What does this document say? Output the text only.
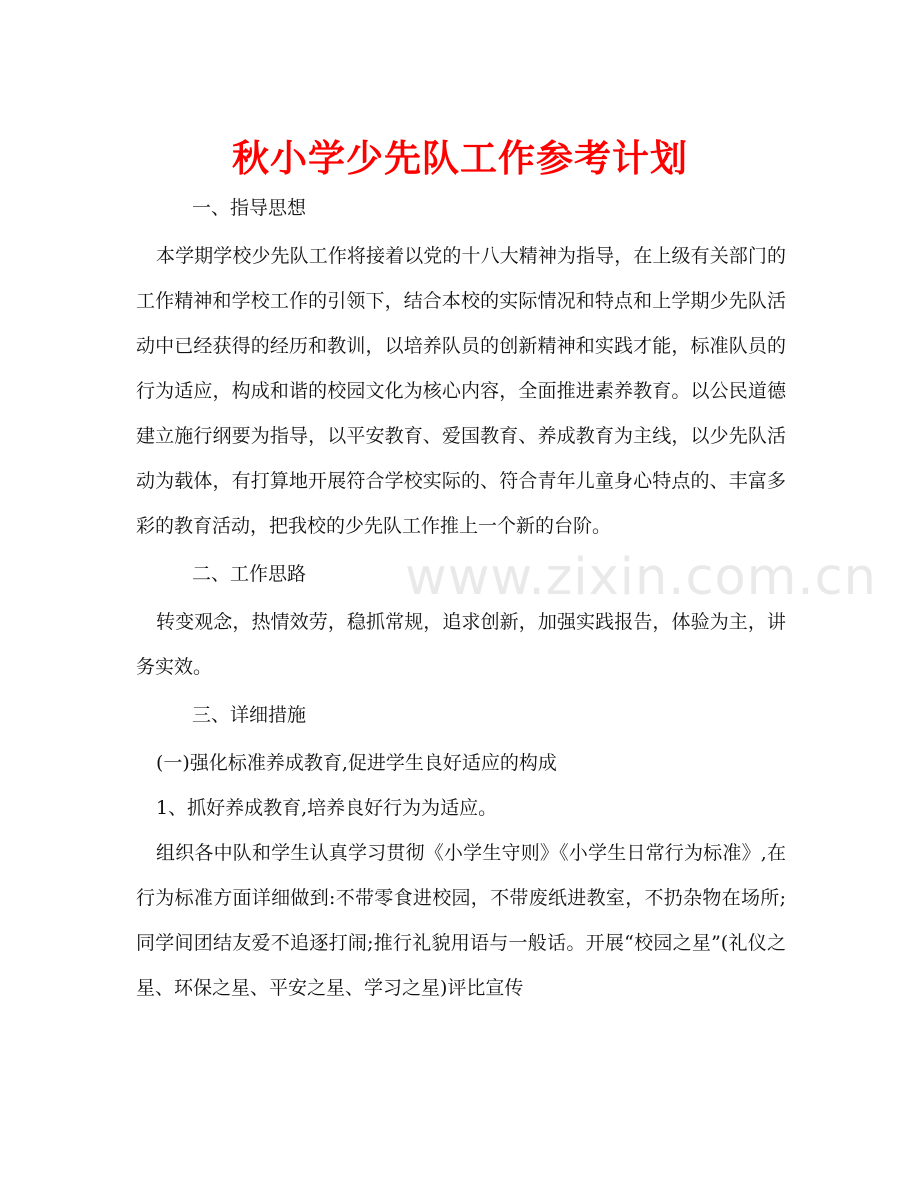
秋小学少先队工作参考计划

一、指导思想

本学期学校少先队工作将接着以党的十八大精神为指导，在上级有关部门的工作精神和学校工作的引领下，结合本校的实际情况和特点和上学期少先队活动中已经获得的经历和教训，以培养队员的创新精神和实践才能，标准队员的行为适应，构成和谐的校园文化为核心内容，全面推进素养教育。以公民道德建立施行纲要为指导，以平安教育、爱国教育、养成教育为主线，以少先队活动为载体，有打算地开展符合学校实际的、符合青年儿童身心特点的、丰富多彩的教育活动，把我校的少先队工作推上一个新的台阶。

二、工作思路

转变观念，热情效劳，稳抓常规，追求创新，加强实践报告，体验为主，讲务实效。

三、详细措施

(一)强化标准养成教育,促进学生良好适应的构成

1、抓好养成教育,培养良好行为为适应。

组织各中队和学生认真学习贯彻《小学生守则》《小学生日常行为标准》,在行为标准方面详细做到:不带零食进校园，不带废纸进教室，不扔杂物在场所;同学间团结友爱不追逐打闹;推行礼貌用语与一般话。开展“校园之星”(礼仪之星、环保之星、平安之星、学习之星)评比宣传

www.zixin.com.cn
